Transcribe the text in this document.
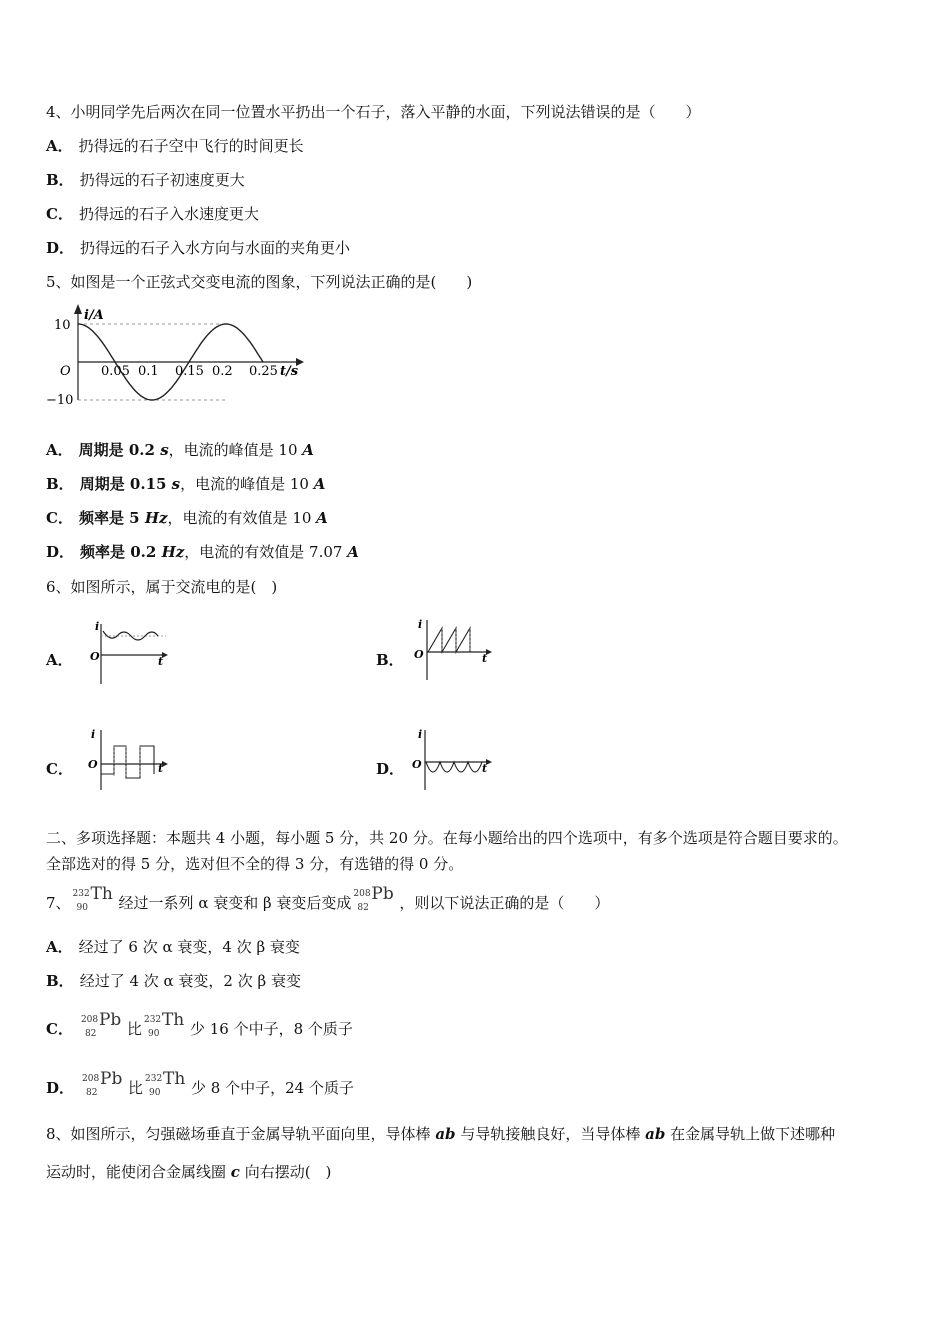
4、小明同学先后两次在同一位置水平扔出一个石子，落入平静的水面，下列说法错误的是（　　）
A． 扔得远的石子空中飞行的时间更长
B． 扔得远的石子初速度更大
C． 扔得远的石子入水速度更大
D． 扔得远的石子入水方向与水面的夹角更小
5、如图是一个正弦式交变电流的图象，下列说法正确的是(　　)
i/A
10
−10
O 0.05 0.1 0.15 0.2 0.25 t/s
A． 周期是 0.2 s，电流的峰值是 10 A
B． 周期是 0.15 s，电流的峰值是 10 A
C． 频率是 5 Hz，电流的有效值是 10 A
D． 频率是 0.2 Hz，电流的有效值是 7.07 A
6、如图所示，属于交流电的是(　)
A．
i
O	t	B．
i
O	t
C．
i
O	t	D．
i
O	t
二、多项选择题：本题共 4 小题，每小题 5 分，共 20 分。在每小题给出的四个选项中，有多个选项是符合题目要求的。
全部选对的得 5 分，选对但不全的得 3 分，有选错的得 0 分。
7、 232
90
Th 经过一系列 α 衰变和 β 衰变后变成 208
82
Pb ，则以下说法正确的是（　　）
A． 经过了 6 次 α 衰变，4 次 β 衰变
B． 经过了 4 次 α 衰变，2 次 β 衰变
C． 208
82
Pb 比 232
90
Th 少 16 个中子，8 个质子
D． 208
82
Pb 比 232
90
Th 少 8 个中子，24 个质子
8、如图所示，匀强磁场垂直于金属导轨平面向里，导体棒 ab 与导轨接触良好，当导体棒 ab 在金属导轨上做下述哪种
运动时，能使闭合金属线圈 c 向右摆动(　)
